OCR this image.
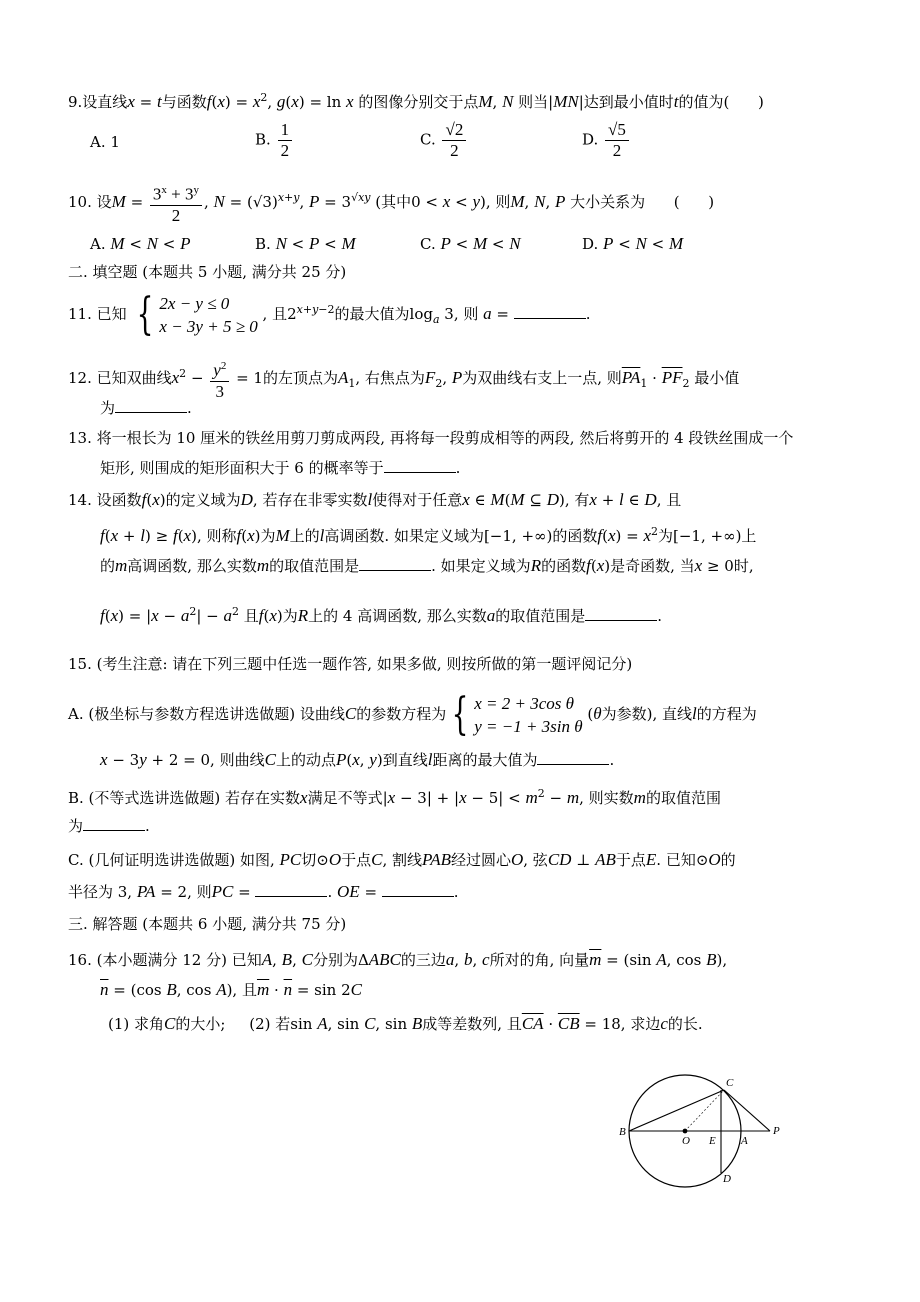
9.设直线x = t与函数$f(x) = x^2$, g(x) = ln x 的图像分别交于点M, N 则当|MN|达到最小值时t的值为(      )
A. 1	B. $\frac{1}{2}$	C. $\frac{√2}{2}$	D. $\frac{√5}{2}$
10. 设$M = \frac{3^x + 3^y}{2}$ , $N = (√3)^{x+y}$, $P = 3^{√xy}$ (其中0 < x < y), 则M, N, P 大小关系为      (      )
A. M < N < P	B. N < P < M	C. P < M < N	D. P < N < M
二. 填空题 (本题共 5 小题, 满分共 25 分)
11. 已知 { 2x − y ≤ 0
x − 3y + 5 ≥ 0
, 且$2^{x+y-2}$的最大值为$\log_a 3$, 则 a =	.
12. 已知双曲线$x^2 - \frac{y^2}{3} = 1$的左顶点为$A_1$, 右焦点为$F_2$, P为双曲线右支上一点, 则$\overline{PA}_1 \cdot \overline{PF}_2$ 最小值
为	.
13. 将一根长为 10 厘米的铁丝用剪刀剪成两段, 再将每一段剪成相等的两段, 然后将剪开的 4 段铁丝围成一个
矩形, 则围成的矩形面积大于 6 的概率等于	.
14. 设函数f(x)的定义域为D, 若存在非零实数l使得对于任意x ∈ M(M ⊆ D), 有x + l ∈ D, 且
f(x + l) ≥ f(x), 则称f(x)为M上的l高调函数. 如果定义域为[−1, +∞)的函数$f(x) = x^2$为[−1, +∞)上
的m高调函数, 那么实数m的取值范围是	. 如果定义域为R的函数f(x)是奇函数, 当x ≥ 0时,
$f(x) = |x - a^2| - a^2$ 且f(x)为R上的 4 高调函数, 那么实数a的取值范围是	.
15. (考生注意: 请在下列三题中任选一题作答, 如果多做, 则按所做的第一题评阅记分)
A. (极坐标与参数方程选讲选做题) 设曲线C的参数方程为 { x = 2 + 3cos θ
y = −1 + 3sin θ
(θ为参数), 直线l的方程为
x − 3y + 2 = 0, 则曲线C上的动点P(x, y)到直线l距离的最大值为	.
B. (不等式选讲选做题) 若存在实数x满足不等式$|x - 3| + |x - 5| < m^2 - m$, 则实数m的取值范围
为	.
C. (几何证明选讲选做题) 如图, PC切⊙O于点C, 割线PAB经过圆心O, 弦CD ⊥ AB于点E. 已知⊙O的
半径为 3, PA = 2, 则PC =	. OE =	.
三. 解答题 (本题共 6 小题, 满分共 75 分)
16. (本小题满分 12 分) 已知A, B, C分别为ΔABC的三边a, b, c所对的角, 向量$\overline{m} = (\sin$ A, cos B),
$\overline{n} = (\cos$ B, cos A), 且$\overline{m} \cdot \overline{n} = \sin 2C$
(1) 求角C的大小;     (2) 若sin A, sin C, sin B成等差数列, 且$\overline{CA} \cdot \overline{CB} = 18$, 求边c的长.
C
B
O E A
P
D
